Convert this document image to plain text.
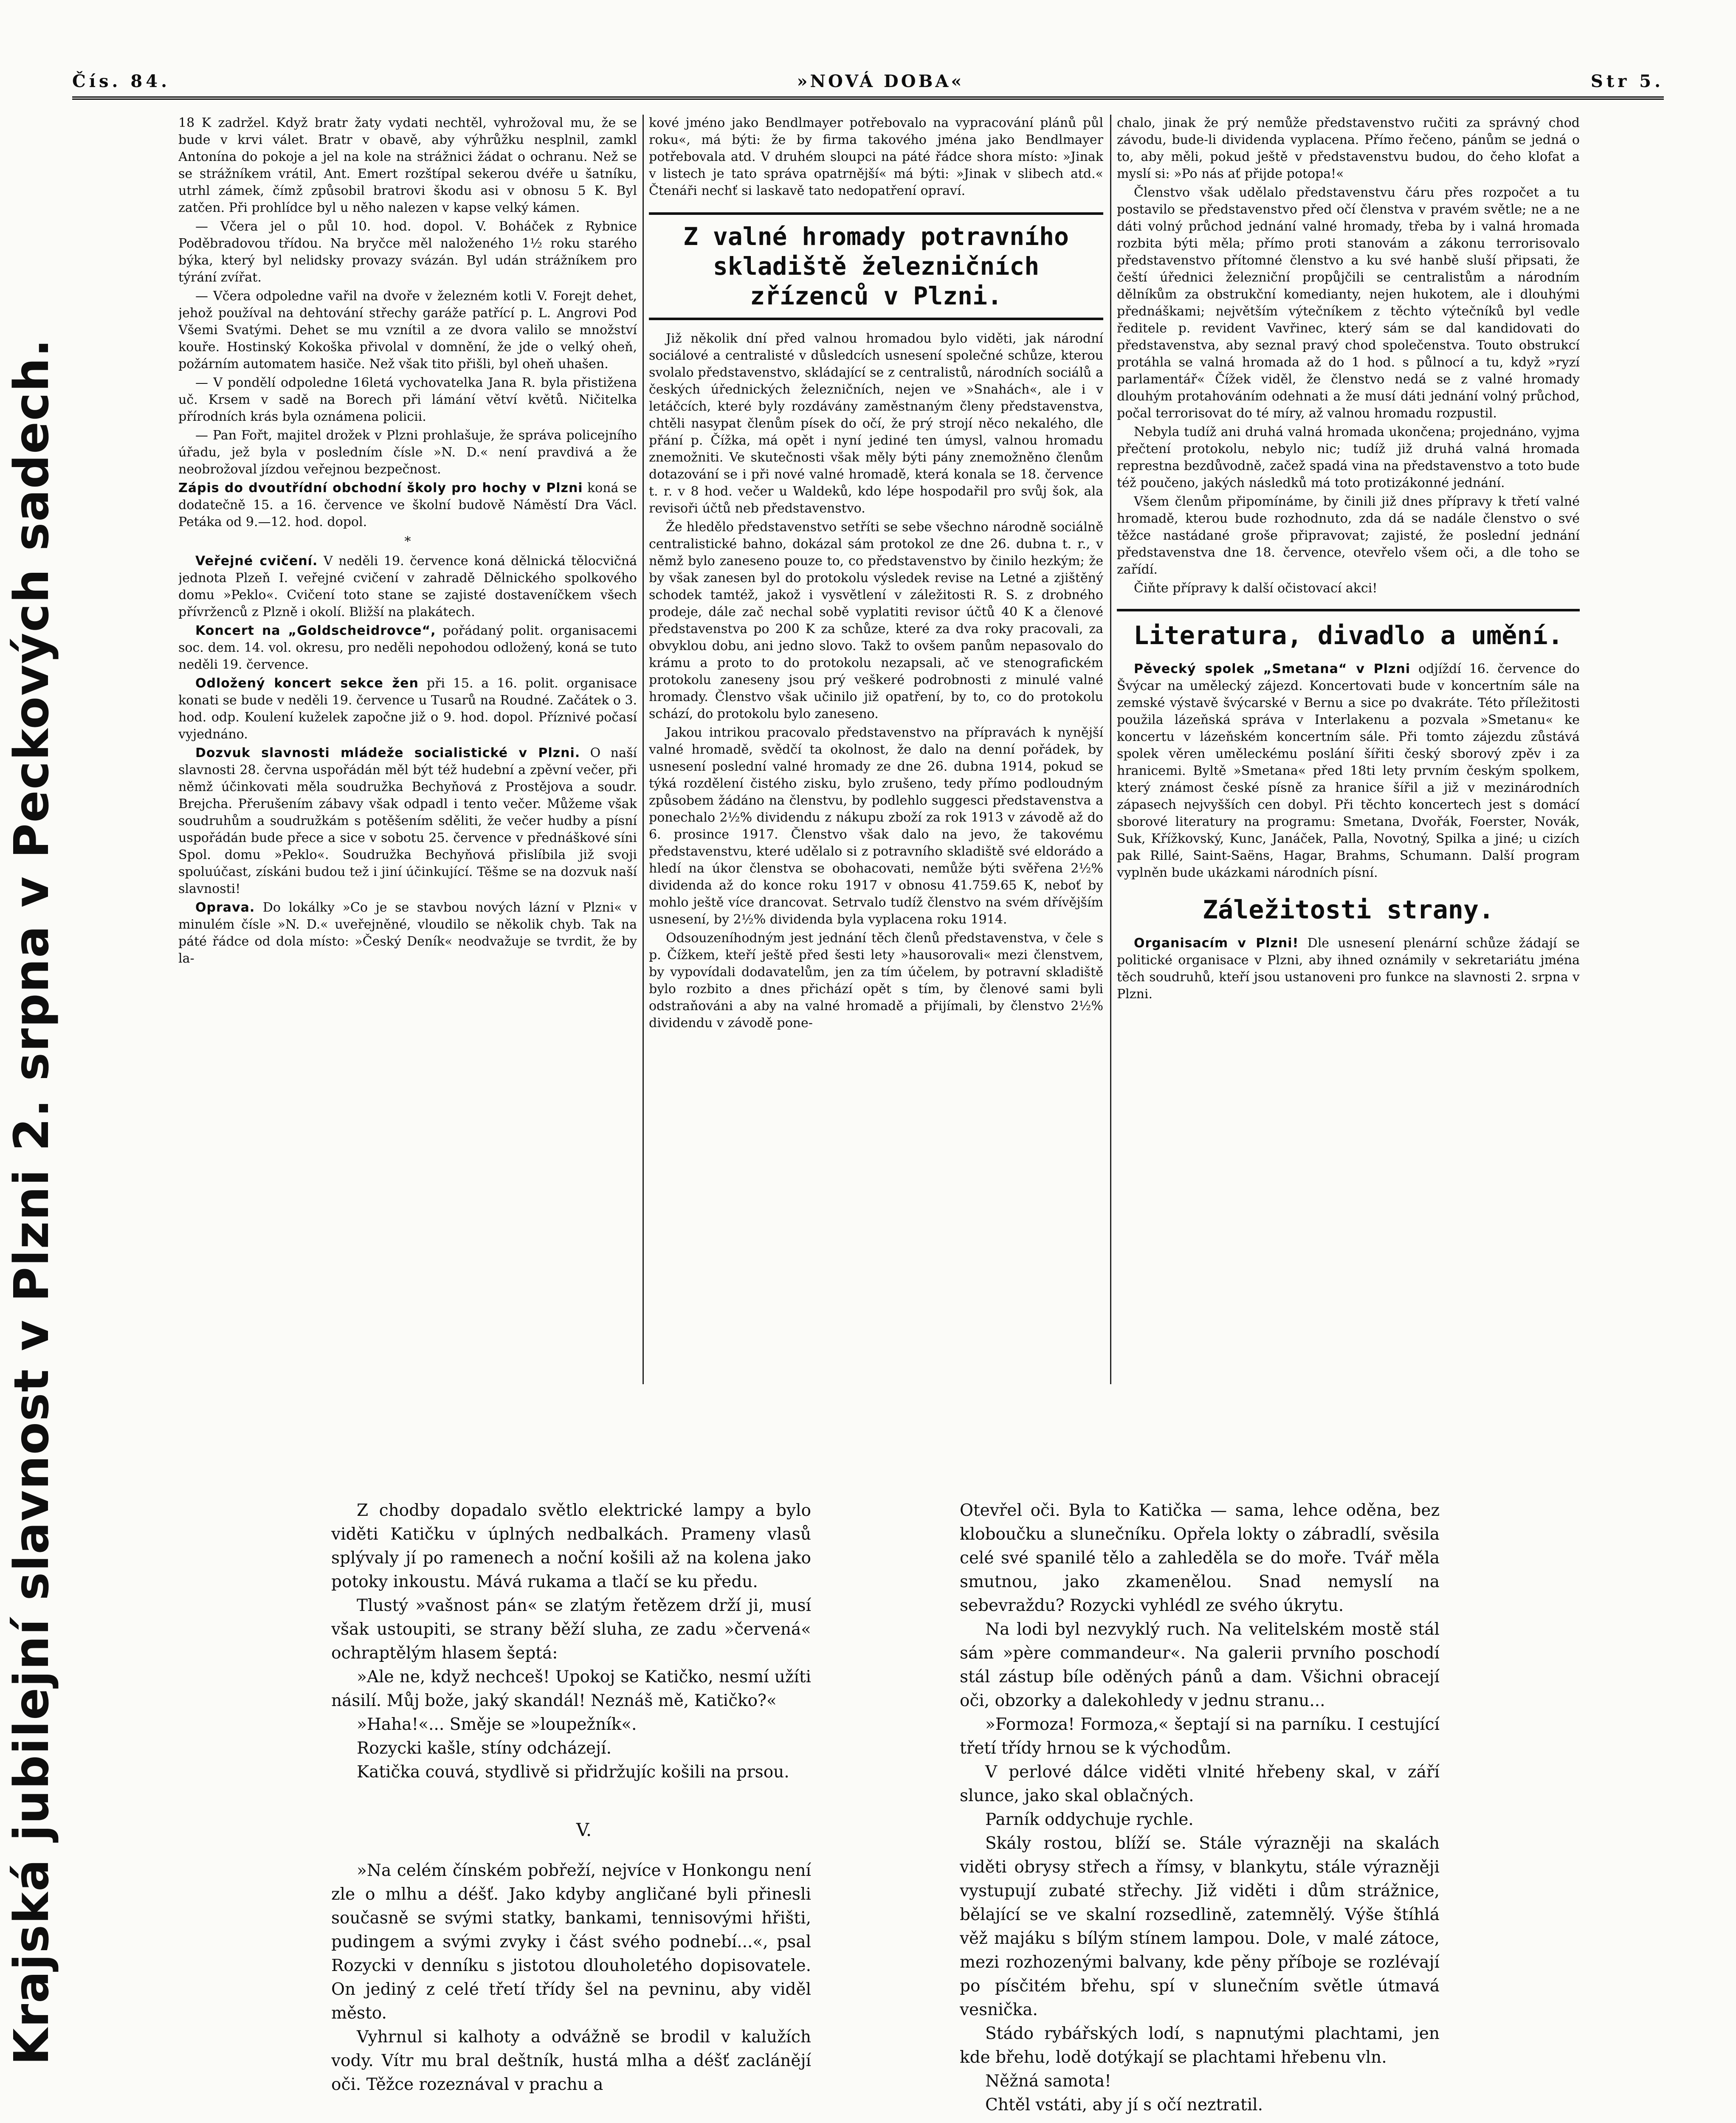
Krajská jubilejní slavnost v Plzni 2. srpna v Peckových sadech.
Čís. 84.	»NOVÁ DOBA«	Str 5.

18 K zadržel. Když bratr žaty vydati nechtěl, vyhrožoval mu, že se bude v krvi válet. Bratr v obavě, aby výhrůžku nesplnil, zamkl Antonína do pokoje a jel na kole na strážnici žádat o ochranu. Než se se strážníkem vrátil, Ant. Emert rozštípal sekerou dvéře u šatníku, utrhl zámek, čímž způsobil bratrovi škodu asi v obnosu 5 K. Byl zatčen. Při prohlídce byl u něho nalezen v kapse velký kámen.

— Včera jel o půl 10. hod. dopol. V. Boháček z Rybnice Poděbradovou třídou. Na bryčce měl naloženého 1½ roku starého býka, který byl nelidsky provazy svázán. Byl udán strážníkem pro týrání zvířat.

— Včera odpoledne vařil na dvoře v železném kotli V. Forejt dehet, jehož používal na dehtování střechy garáže patřící p. L. Angrovi Pod Všemi Svatými. Dehet se mu vznítil a ze dvora valilo se množství kouře. Hostinský Kokoška přivolal v domnění, že jde o velký oheň, požárním automatem hasiče. Než však tito přišli, byl oheň uhašen.

— V pondělí odpoledne 16letá vychovatelka Jana R. byla přistižena uč. Krsem v sadě na Borech při lámání větví květů. Ničitelka přírodních krás byla oznámena policii.

— Pan Fořt, majitel drožek v Plzni prohlašuje, že správa policejního úřadu, jež byla v posledním čísle »N. D.« není pravdivá a že neobrožoval jízdou veřejnou bezpečnost.

Zápis do dvoutřídní obchodní školy pro hochy v Plzni koná se dodatečně 15. a 16. července ve školní budově Náměstí Dra Václ. Petáka od 9.—12. hod. dopol.

*

Veřejné cvičení. V neděli 19. července koná dělnická tělocvičná jednota Plzeň I. veřejné cvičení v zahradě Dělnického spolkového domu »Peklo«. Cvičení toto stane se zajisté dostaveníčkem všech přívrženců z Plzně i okolí. Bližší na plakátech.

Koncert na „Goldscheidrovce“, pořádaný polit. organisacemi soc. dem. 14. vol. okresu, pro neděli nepohodou odložený, koná se tuto neděli 19. července.

Odložený koncert sekce žen při 15. a 16. polit. organisace konati se bude v neděli 19. července u Tusarů na Roudné. Začátek o 3. hod. odp. Koulení kuželek započne již o 9. hod. dopol. Příznivé počasí vyjednáno.

Dozvuk slavnosti mládeže socialistické v Plzni. O naší slavnosti 28. června uspořádán měl být též hudební a zpěvní večer, při němž účinkovati měla soudružka Bechyňová z Prostějova a soudr. Brejcha. Přerušením zábavy však odpadl i tento večer. Můžeme však soudruhům a soudružkám s potěšením sděliti, že večer hudby a písní uspořádán bude přece a sice v sobotu 25. července v přednáškové síni Spol. domu »Peklo«. Soudružka Bechyňová přislíbila již svoji spoluúčast, získáni budou tež i jiní účinkující. Těšme se na dozvuk naší slavnosti!

Oprava. Do lokálky »Co je se stavbou nových lázní v Plzni« v minulém čísle »N. D.« uveřejněné, vloudilo se několik chyb. Tak na páté řádce od dola místo: »Český Deník« neodvažuje se tvrdit, že by la-

kové jméno jako Bendlmayer potřebovalo na vypracování plánů půl roku«, má býti: že by firma takového jména jako Bendlmayer potřebovala atd. V druhém sloupci na páté řádce shora místo: »Jinak v listech je tato správa opatrnější« má býti: »Jinak v slibech atd.« Čtenáři nechť si laskavě tato nedopatření opraví.

Z valné hromady potravního skladiště železničních zřízenců v Plzni.

Již několik dní před valnou hromadou bylo viděti, jak národní sociálové a centralisté v důsledcích usnesení společné schůze, kterou svolalo představenstvo, skládající se z centralistů, národních sociálů a českých úřednických železničních, nejen ve »Snahách«, ale i v letáčcích, které byly rozdávány zaměstnaným členy představenstva, chtěli nasypat členům písek do očí, že prý strojí něco nekalého, dle přání p. Čížka, má opět i nyní jediné ten úmysl, valnou hromadu znemožniti. Ve skutečnosti však měly býti pány znemožněno členům dotazování se i při nové valné hromadě, která konala se 18. července t. r. v 8 hod. večer u Waldeků, kdo lépe hospodařil pro svůj šok, ala revisoři účtů neb představenstvo.

Že hledělo představenstvo setříti se sebe všechno národně sociálně centralistické bahno, dokázal sám protokol ze dne 26. dubna t. r., v němž bylo zaneseno pouze to, co představenstvo by činilo hezkým; že by však zanesen byl do protokolu výsledek revise na Letné a zjištěný schodek tamtéž, jakož i vysvětlení v záležitosti R. S. z drobného prodeje, dále zač nechal sobě vyplatiti revisor účtů 40 K a členové představenstva po 200 K za schůze, které za dva roky pracovali, za obvyklou dobu, ani jedno slovo. Takž to ovšem panům nepasovalo do krámu a proto to do protokolu nezapsali, ač ve stenografickém protokolu zaneseny jsou prý veškeré podrobnosti z minulé valné hromady. Členstvo však učinilo již opatření, by to, co do protokolu schází, do protokolu bylo zaneseno.

Jakou intrikou pracovalo představenstvo na přípravách k nynější valné hromadě, svědčí ta okolnost, že dalo na denní pořádek, by usnesení poslední valné hromady ze dne 26. dubna 1914, pokud se týká rozdělení čistého zisku, bylo zrušeno, tedy přímo podloudným způsobem žádáno na členstvu, by podlehlo suggesci představenstva a ponechalo 2½% dividendu z nákupu zboží za rok 1913 v závodě až do 6. prosince 1917. Členstvo však dalo na jevo, že takovému představenstvu, které udělalo si z potravního skladiště své eldorádo a hledí na úkor členstva se obohacovati, nemůže býti svěřena 2½% dividenda až do konce roku 1917 v obnosu 41.759.65 K, neboť by mohlo ještě více drancovat. Setrvalo tudíž členstvo na svém dřívějším usnesení, by 2½% dividenda byla vyplacena roku 1914.

Odsouzeníhodným jest jednání těch členů představenstva, v čele s p. Čížkem, kteří ještě před šesti lety »hausorovali« mezi členstvem, by vypovídali dodavatelům, jen za tím účelem, by potravní skladiště bylo rozbito a dnes přichází opět s tím, by členové sami byli odstraňováni a aby na valné hromadě a přijímali, by členstvo 2½% dividendu v závodě pone-

chalo, jinak že prý nemůže představenstvo ručiti za správný chod závodu, bude-li dividenda vyplacena. Přímo řečeno, pánům se jedná o to, aby měli, pokud ještě v představenstvu budou, do čeho klofat a myslí si: »Po nás ať přijde potopa!«

Členstvo však udělalo představenstvu čáru přes rozpočet a tu postavilo se představenstvo před očí členstva v pravém světle; ne a ne dáti volný průchod jednání valné hromady, třeba by i valná hromada rozbita býti měla; přímo proti stanovám a zákonu terrorisovalo představenstvo přítomné členstvo a ku své hanbě sluší připsati, že čeští úřednici železniční propůjčili se centralistům a národním dělníkům za obstrukční komedianty, nejen hukotem, ale i dlouhými přednáškami; největším výtečníkem z těchto výtečníků byl vedle ředitele p. revident Vavřinec, který sám se dal kandidovati do představenstva, aby seznal pravý chod společenstva. Touto obstrukcí protáhla se valná hromada až do 1 hod. s půlnocí a tu, když »ryzí parlamentář« Čížek viděl, že členstvo nedá se z valné hromady dlouhým protahováním odehnati a že musí dáti jednání volný průchod, počal terrorisovat do té míry, až valnou hromadu rozpustil.

Nebyla tudíž ani druhá valná hromada ukončena; projednáno, vyjma přečtení protokolu, nebylo nic; tudíž již druhá valná hromada represtna bezdůvodně, začež spadá vina na představenstvo a toto bude též poučeno, jakých následků má toto protizákonné jednání.

Všem členům připomínáme, by činili již dnes přípravy k třetí valné hromadě, kterou bude rozhodnuto, zda dá se nadále členstvo o své těžce nastádané groše připravovat; zajisté, že poslední jednání představenstva dne 18. července, otevřelo všem oči, a dle toho se zařídí.

Čiňte přípravy k další očistovací akci!

Literatura, divadlo a umění.

Pěvecký spolek „Smetana“ v Plzni odjíždí 16. července do Švýcar na umělecký zájezd. Koncertovati bude v koncertním sále na zemské výstavě švýcarské v Bernu a sice po dvakráte. Této příležitosti použila lázeňská správa v Interlakenu a pozvala »Smetanu« ke koncertu v lázeňském koncertním sále. Při tomto zájezdu zůstává spolek věren uměleckému poslání šířiti český sborový zpěv i za hranicemi. Byltě »Smetana« před 18ti lety prvním českým spolkem, který známost české písně za hranice šířil a již v mezinárodních zápasech nejvyšších cen dobyl. Při těchto koncertech jest s domácí sborové literatury na programu: Smetana, Dvořák, Foerster, Novák, Suk, Křížkovský, Kunc, Janáček, Palla, Novotný, Spilka a jiné; u cizích pak Rillé, Saint-Saëns, Hagar, Brahms, Schumann. Další program vyplněn bude ukázkami národních písní.

Záležitosti strany.

Organisacím v Plzni! Dle usnesení plenární schůze žádají se politické organisace v Plzni, aby ihned oznámily v sekretariátu jména těch soudruhů, kteří jsou ustanoveni pro funkce na slavnosti 2. srpna v Plzni.

Z chodby dopadalo světlo elektrické lampy a bylo viděti Katičku v úplných nedbalkách. Prameny vlasů splývaly jí po ramenech a noční košili až na kolena jako potoky inkoustu. Mává rukama a tlačí se ku předu.

Tlustý »vašnost pán« se zlatým řetězem drží ji, musí však ustoupiti, se strany běží sluha, ze zadu »červená« ochraptělým hlasem šeptá:

»Ale ne, když nechceš! Upokoj se Katičko, nesmí užíti násilí. Můj bože, jaký skandál! Neznáš mě, Katičko?«

»Haha!«... Směje se »loupežník«.

Rozycki kašle, stíny odcházejí.

Katička couvá, stydlivě si přidržujíc košili na prsou.

V.

»Na celém čínském pobřeží, nejvíce v Honkongu není zle o mlhu a déšť. Jako kdyby angličané byli přinesli současně se svými statky, bankami, tennisovými hřišti, pudingem a svými zvyky i část svého podnebí...«, psal Rozycki v denníku s jistotou dlouholetého dopisovatele. On jediný z celé třetí třídy šel na pevninu, aby viděl město.

Vyhrnul si kalhoty a odvážně se brodil v kalužích vody. Vítr mu bral deštník, hustá mlha a déšť zaclánějí oči. Těžce rozeznával v prachu a

Otevřel oči. Byla to Katička — sama, lehce oděna, bez kloboučku a slunečníku. Opřela lokty o zábradlí, svěsila celé své spanilé tělo a zahleděla se do moře. Tvář měla smutnou, jako zkamenělou. Snad nemyslí na sebevraždu? Rozycki vyhlédl ze svého úkrytu.

Na lodi byl nezvyklý ruch. Na velitelském mostě stál sám »père commandeur«. Na galerii prvního poschodí stál zástup bíle oděných pánů a dam. Všichni obracejí oči, obzorky a dalekohledy v jednu stranu...

»Formoza! Formoza,« šeptají si na parníku. I cestující třetí třídy hrnou se k východům.

V perlové dálce viděti vlnité hřebeny skal, v září slunce, jako skal oblačných.

Parník oddychuje rychle.

Skály rostou, blíží se. Stále výrazněji na skalách viděti obrysy střech a římsy, v blankytu, stále výrazněji vystupují zubaté střechy. Již viděti i dům strážnice, bělající se ve skalní rozsedlině, zatemnělý. Výše štíhlá věž majáku s bílým stínem lampou. Dole, v malé zátoce, mezi rozhozenými balvany, kde pěny příboje se rozlévají po písčitém břehu, spí v slunečním světle útmavá vesnička.

Stádo rybářských lodí, s napnutými plachtami, jen kde břehu, lodě dotýkají se plachtami hřebenu vln.

Něžná samota!

Chtěl vstáti, aby jí s očí neztratil.
